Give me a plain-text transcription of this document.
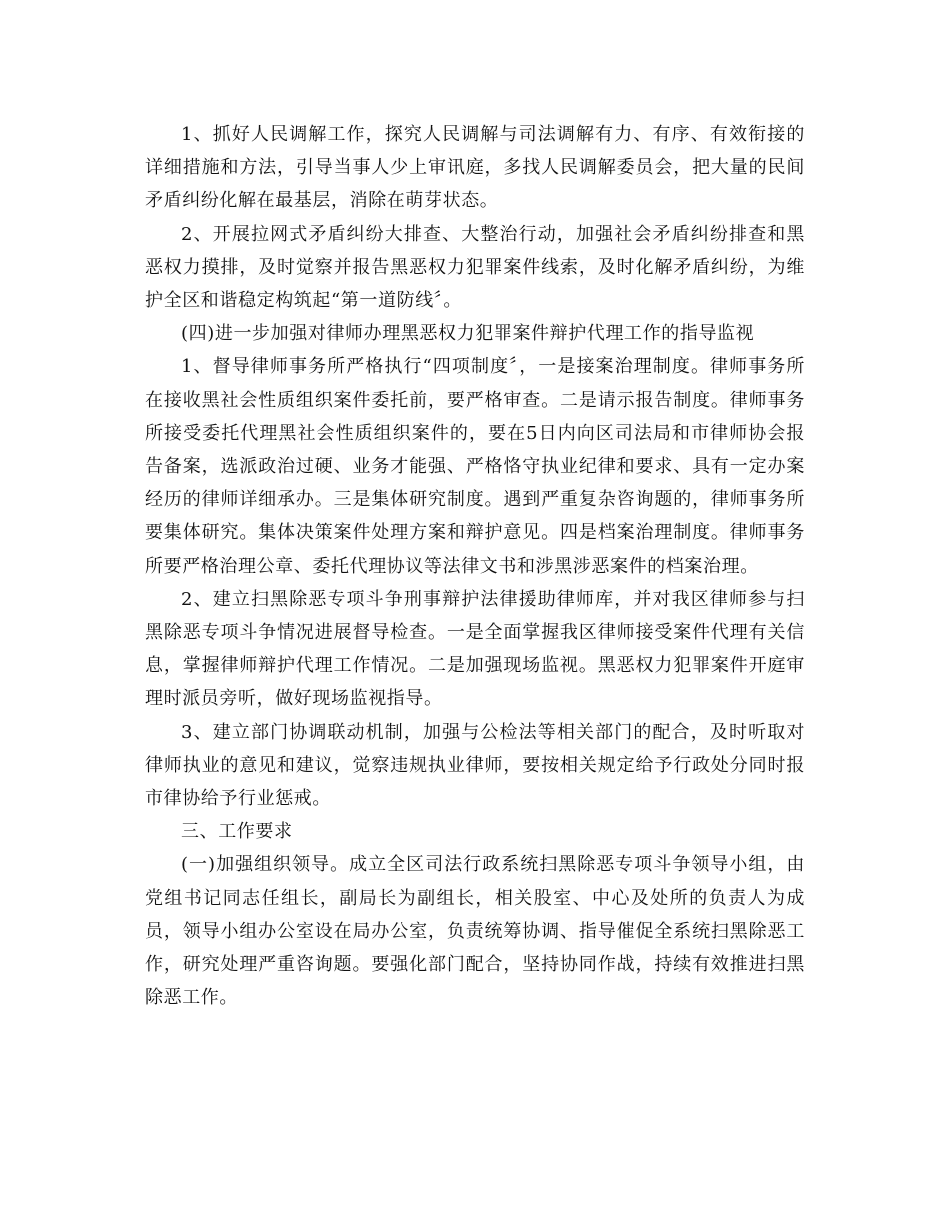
1、抓好人民调解工作，探究人民调解与司法调解有力、有序、有效衔接的详细措施和方法，引导当事人少上审讯庭，多找人民调解委员会，把大量的民间矛盾纠纷化解在最基层，消除在萌芽状态。

2、开展拉网式矛盾纠纷大排查、大整治行动，加强社会矛盾纠纷排查和黑恶权力摸排，及时觉察并报告黑恶权力犯罪案件线索，及时化解矛盾纠纷，为维护全区和谐稳定构筑起“第一道防线〞。

(四)进一步加强对律师办理黑恶权力犯罪案件辩护代理工作的指导监视

1、督导律师事务所严格执行“四项制度〞，一是接案治理制度。律师事务所在接收黑社会性质组织案件委托前，要严格审查。二是请示报告制度。律师事务所接受委托代理黑社会性质组织案件的，要在5日内向区司法局和市律师协会报告备案，选派政治过硬、业务才能强、严格恪守执业纪律和要求、具有一定办案经历的律师详细承办。三是集体研究制度。遇到严重复杂咨询题的，律师事务所要集体研究。集体决策案件处理方案和辩护意见。四是档案治理制度。律师事务所要严格治理公章、委托代理协议等法律文书和涉黑涉恶案件的档案治理。

2、建立扫黑除恶专项斗争刑事辩护法律援助律师库，并对我区律师参与扫黑除恶专项斗争情况进展督导检查。一是全面掌握我区律师接受案件代理有关信息，掌握律师辩护代理工作情况。二是加强现场监视。黑恶权力犯罪案件开庭审理时派员旁听，做好现场监视指导。

3、建立部门协调联动机制，加强与公检法等相关部门的配合，及时听取对律师执业的意见和建议，觉察违规执业律师，要按相关规定给予行政处分同时报市律协给予行业惩戒。

三、工作要求

(一)加强组织领导。成立全区司法行政系统扫黑除恶专项斗争领导小组，由党组书记同志任组长，副局长为副组长，相关股室、中心及处所的负责人为成员，领导小组办公室设在局办公室，负责统筹协调、指导催促全系统扫黑除恶工作，研究处理严重咨询题。要强化部门配合，坚持协同作战，持续有效推进扫黑除恶工作。
